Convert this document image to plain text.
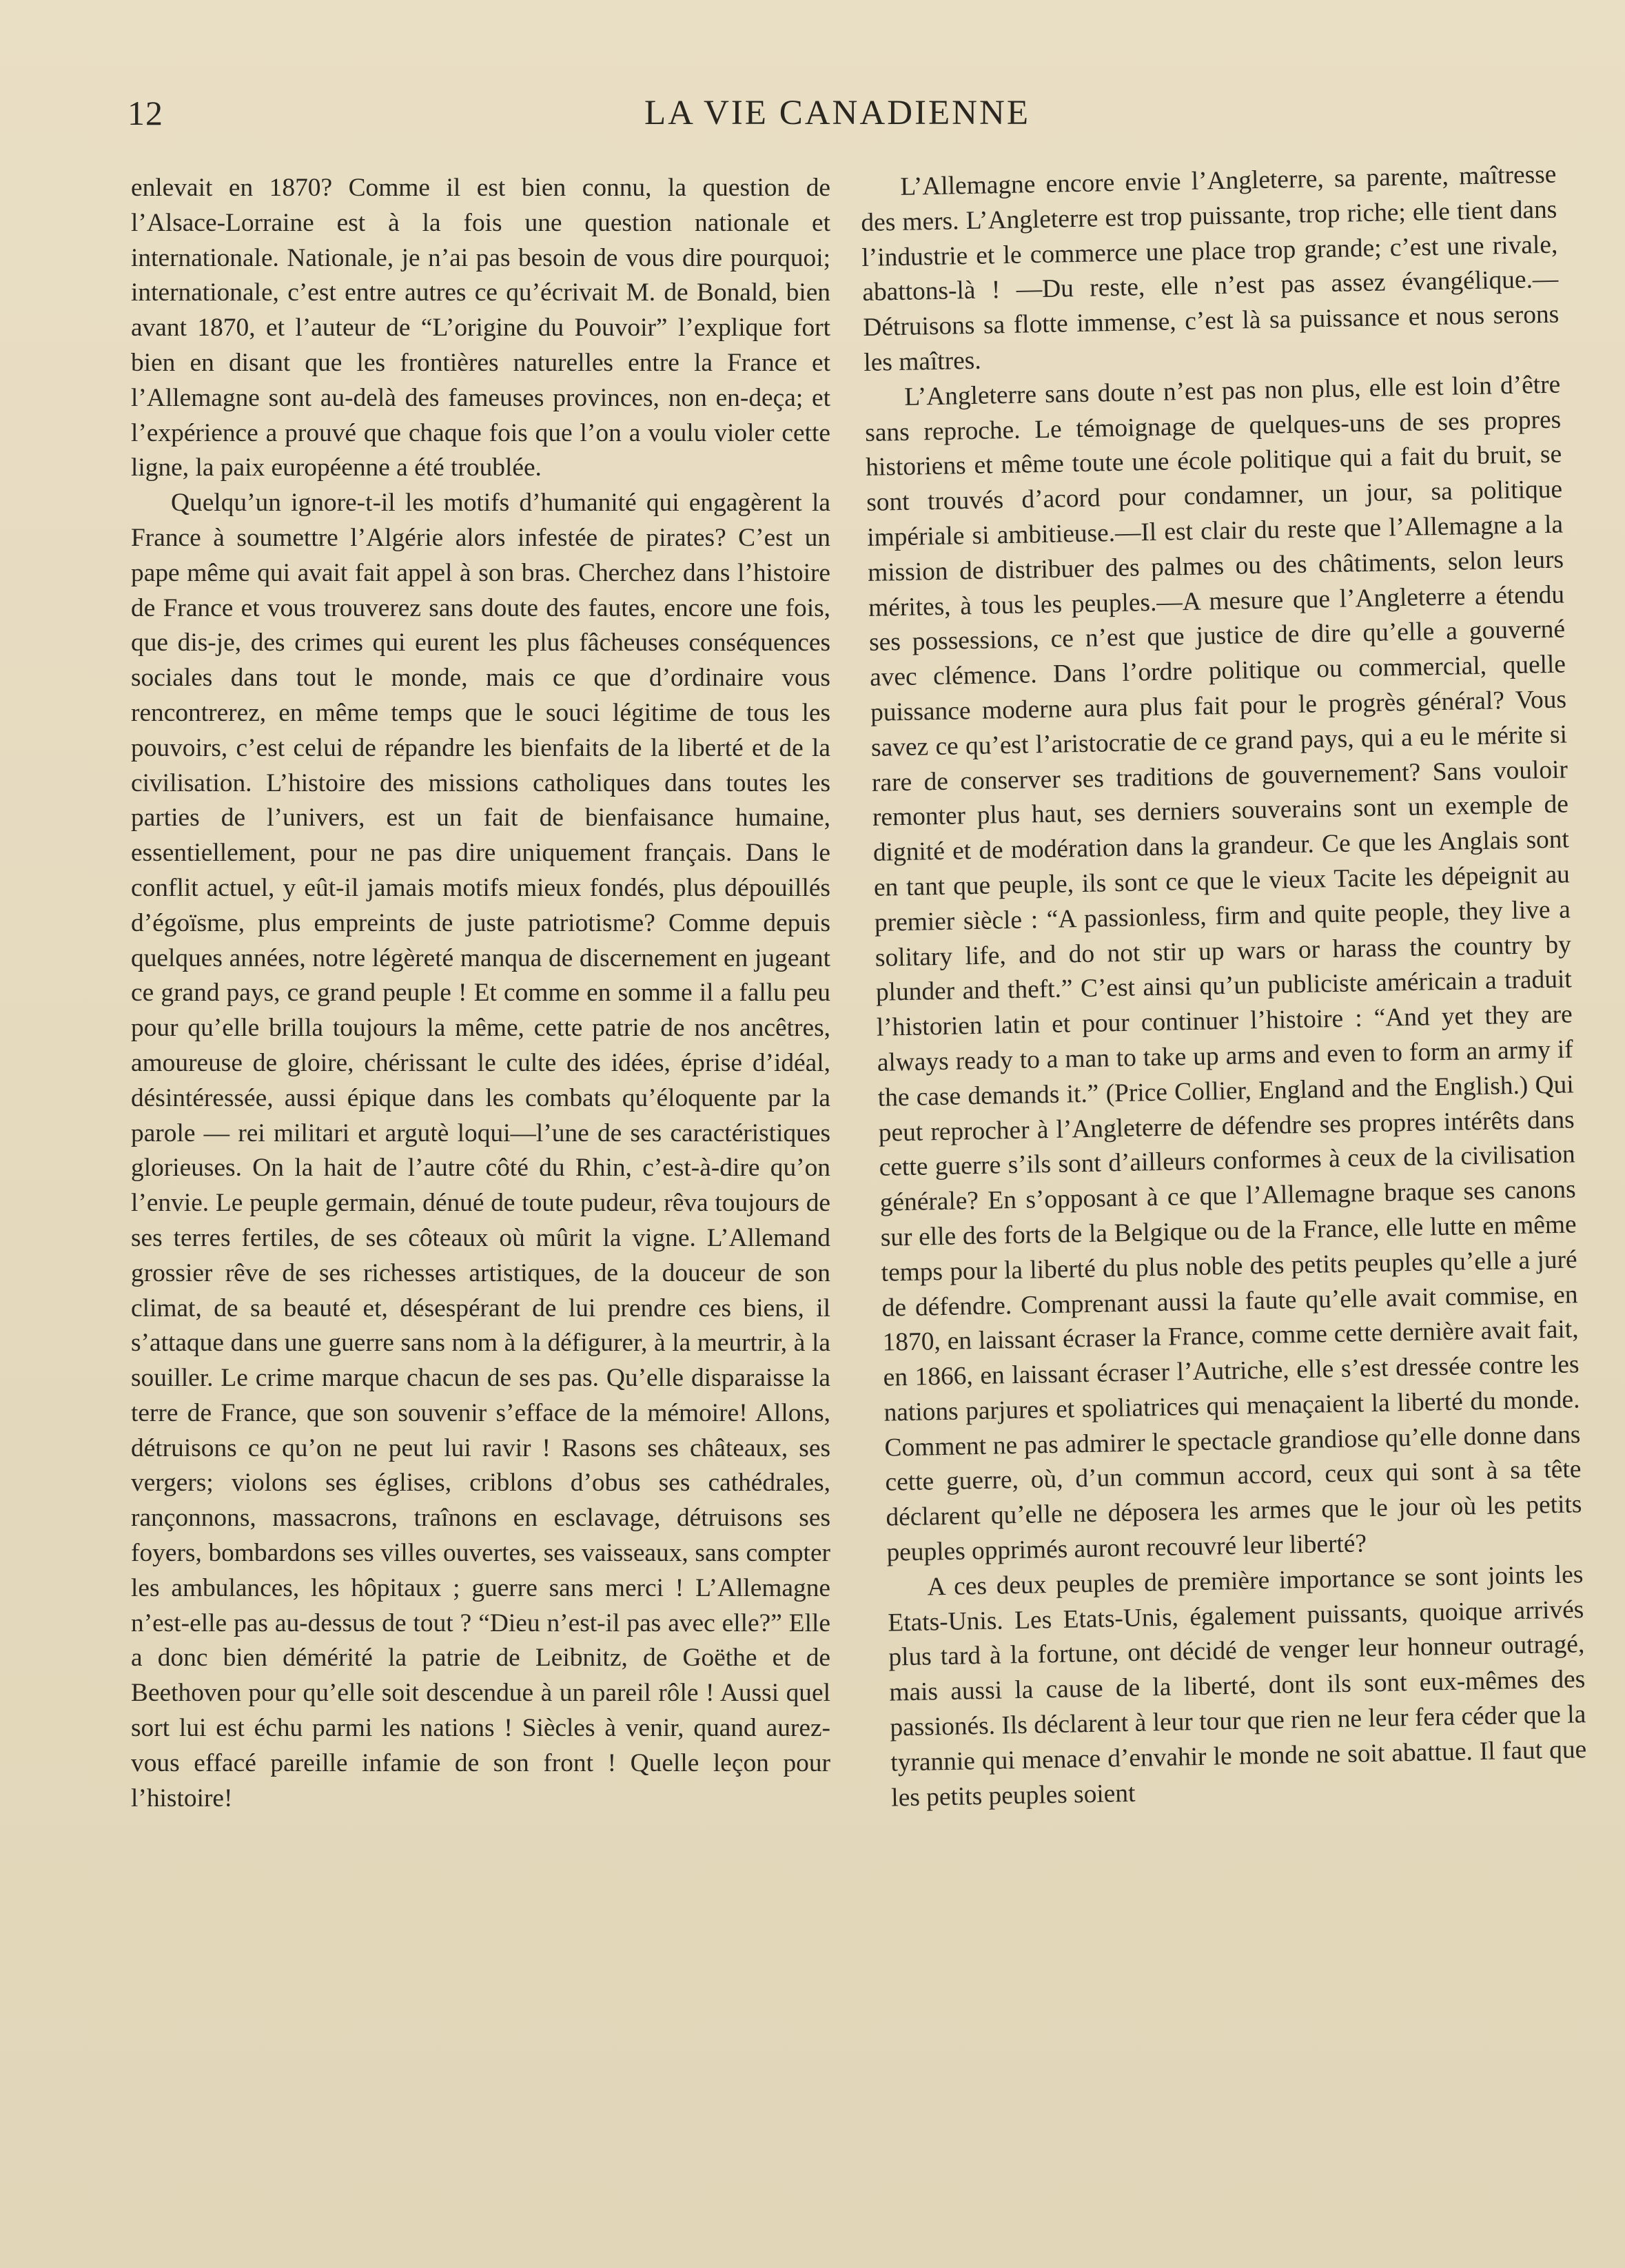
12	LA VIE CANADIENNE

enlevait en 1870? Comme il est bien connu, la question de l’Alsace-Lorraine est à la fois une question nationale et internationale. Nationale, je n’ai pas besoin de vous dire pourquoi; internationale, c’est entre autres ce qu’écrivait M. de Bonald, bien avant 1870, et l’auteur de “L’origine du Pouvoir” l’explique fort bien en disant que les frontières naturelles entre la France et l’Allemagne sont au-delà des fameuses provinces, non en-deça; et l’expérience a prouvé que chaque fois que l’on a voulu violer cette ligne, la paix européenne a été troublée.

Quelqu’un ignore-t-il les motifs d’humanité qui engagèrent la France à soumettre l’Algérie alors infestée de pirates? C’est un pape même qui avait fait appel à son bras. Cherchez dans l’histoire de France et vous trouverez sans doute des fautes, encore une fois, que dis-je, des crimes qui eurent les plus fâcheuses conséquences sociales dans tout le monde, mais ce que d’ordinaire vous rencontrerez, en même temps que le souci légitime de tous les pouvoirs, c’est celui de répandre les bienfaits de la liberté et de la civilisation. L’histoire des missions catholiques dans toutes les parties de l’univers, est un fait de bienfaisance humaine, essentiellement, pour ne pas dire uniquement français. Dans le conflit actuel, y eût-il jamais motifs mieux fondés, plus dépouillés d’égoïsme, plus empreints de juste patriotisme? Comme depuis quelques années, notre légèreté manqua de discernement en jugeant ce grand pays, ce grand peuple ! Et comme en somme il a fallu peu pour qu’elle brilla toujours la même, cette patrie de nos ancêtres, amoureuse de gloire, chérissant le culte des idées, éprise d’idéal, désintéressée, aussi épique dans les combats qu’éloquente par la parole — rei militari et argutè loqui—l’une de ses caractéristiques glorieuses. On la hait de l’autre côté du Rhin, c’est-à-dire qu’on l’envie. Le peuple germain, dénué de toute pudeur, rêva toujours de ses terres fertiles, de ses côteaux où mûrit la vigne. L’Allemand grossier rêve de ses richesses artistiques, de la douceur de son climat, de sa beauté et, désespérant de lui prendre ces biens, il s’attaque dans une guerre sans nom à la défigurer, à la meurtrir, à la souiller. Le crime marque chacun de ses pas. Qu’elle disparaisse la terre de France, que son souvenir s’efface de la mémoire! Allons, détruisons ce qu’on ne peut lui ravir ! Rasons ses châteaux, ses vergers; violons ses églises, criblons d’obus ses cathédrales, rançonnons, massacrons, traînons en esclavage, détruisons ses foyers, bombardons ses villes ouvertes, ses vaisseaux, sans compter les ambulances, les hôpitaux ; guerre sans merci ! L’Allemagne n’est-elle pas au-dessus de tout ? “Dieu n’est-il pas avec elle?” Elle a donc bien démérité la patrie de Leibnitz, de Goëthe et de Beethoven pour qu’elle soit descendue à un pareil rôle ! Aussi quel sort lui est échu parmi les nations ! Siècles à venir, quand aurez-vous effacé pareille infamie de son front ! Quelle leçon pour l’histoire!

L’Allemagne encore envie l’Angleterre, sa parente, maîtresse des mers. L’Angleterre est trop puissante, trop riche; elle tient dans l’industrie et le commerce une place trop grande; c’est une rivale, abattons-là ! —Du reste, elle n’est pas assez évangélique.—Détruisons sa flotte immense, c’est là sa puissance et nous serons les maîtres.

L’Angleterre sans doute n’est pas non plus, elle est loin d’être sans reproche. Le témoignage de quelques-uns de ses propres historiens et même toute une école politique qui a fait du bruit, se sont trouvés d’acord pour condamner, un jour, sa politique impériale si ambitieuse.—Il est clair du reste que l’Allemagne a la mission de distribuer des palmes ou des châtiments, selon leurs mérites, à tous les peuples.—A mesure que l’Angleterre a étendu ses possessions, ce n’est que justice de dire qu’elle a gouverné avec clémence. Dans l’ordre politique ou commercial, quelle puissance moderne aura plus fait pour le progrès général? Vous savez ce qu’est l’aristocratie de ce grand pays, qui a eu le mérite si rare de conserver ses traditions de gouvernement? Sans vouloir remonter plus haut, ses derniers souverains sont un exemple de dignité et de modération dans la grandeur. Ce que les Anglais sont en tant que peuple, ils sont ce que le vieux Tacite les dépeignit au premier siècle : “A passionless, firm and quite people, they live a solitary life, and do not stir up wars or harass the country by plunder and theft.” C’est ainsi qu’un publiciste américain a traduit l’historien latin et pour continuer l’histoire : “And yet they are always ready to a man to take up arms and even to form an army if the case demands it.” (Price Collier, England and the English.) Qui peut reprocher à l’Angleterre de défendre ses propres intérêts dans cette guerre s’ils sont d’ailleurs conformes à ceux de la civilisation générale? En s’opposant à ce que l’Allemagne braque ses canons sur elle des forts de la Belgique ou de la France, elle lutte en même temps pour la liberté du plus noble des petits peuples qu’elle a juré de défendre. Comprenant aussi la faute qu’elle avait commise, en 1870, en laissant écraser la France, comme cette dernière avait fait, en 1866, en laissant écraser l’Autriche, elle s’est dressée contre les nations parjures et spoliatrices qui menaçaient la liberté du monde. Comment ne pas admirer le spectacle grandiose qu’elle donne dans cette guerre, où, d’un commun accord, ceux qui sont à sa tête déclarent qu’elle ne déposera les armes que le jour où les petits peuples opprimés auront recouvré leur liberté?

A ces deux peuples de première importance se sont joints les Etats-Unis. Les Etats-Unis, également puissants, quoique arrivés plus tard à la fortune, ont décidé de venger leur honneur outragé, mais aussi la cause de la liberté, dont ils sont eux-mêmes des passionés. Ils déclarent à leur tour que rien ne leur fera céder que la tyrannie qui menace d’envahir le monde ne soit abattue. Il faut que les petits peuples soient
